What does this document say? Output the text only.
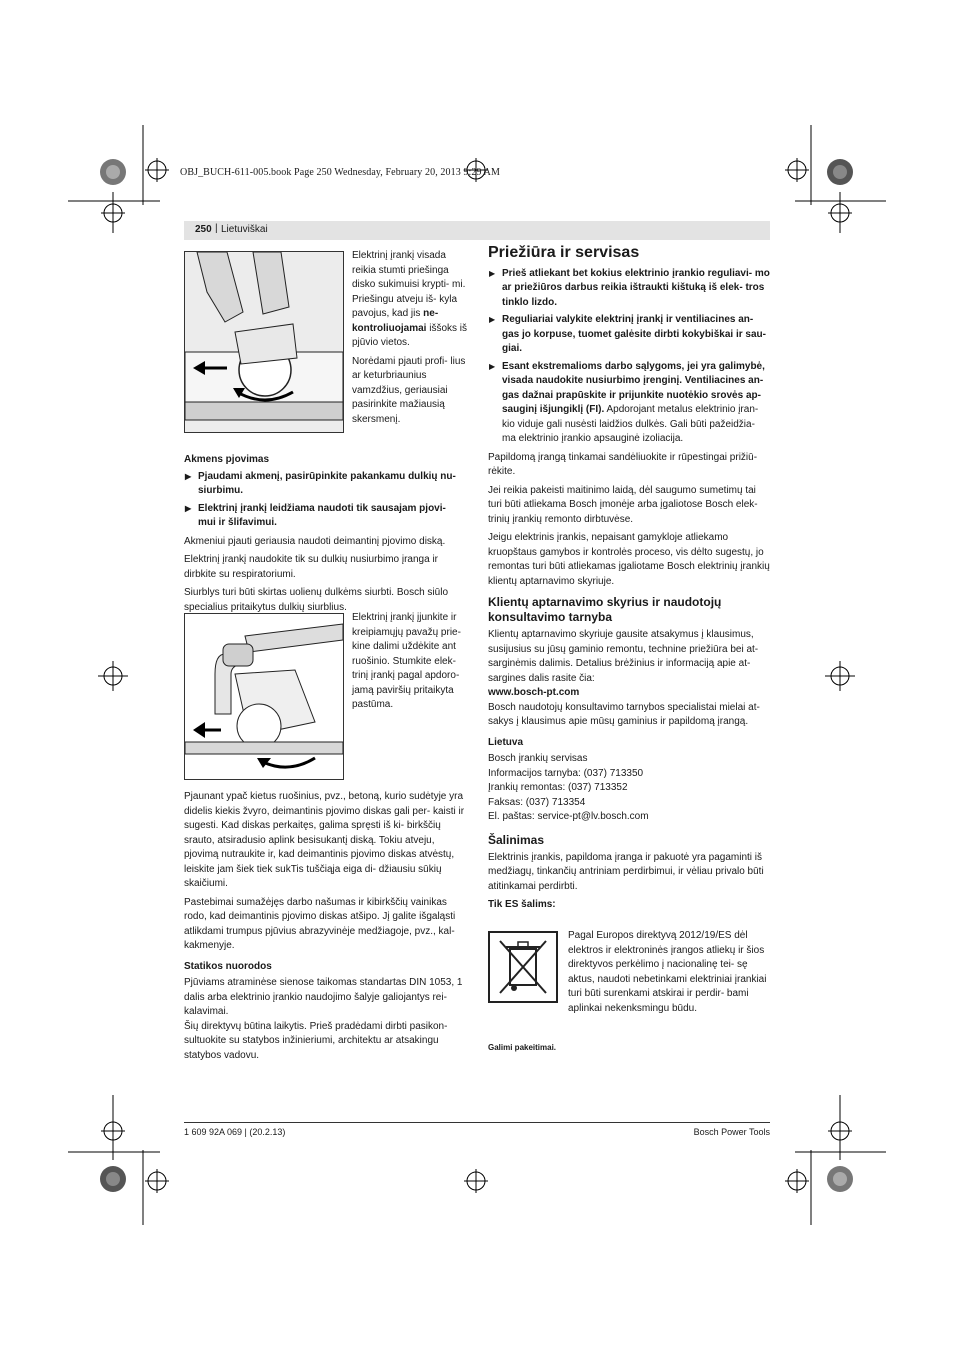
OBJ_BUCH-611-005.book Page 250 Wednesday, February 20, 2013 9:29 AM
250 | Lietuviškai

Elektrinį įrankį visada reikia stumti priešinga disko sukimuisi krypti- mi. Priešingu atveju iš- kyla pavojus, kad jis ne- kontroliuojamai iššoks iš pjūvio vietos.

Norėdami pjauti profi- lius ar keturbriaunius vamzdžius, geriausiai pasirinkite mažiausią skersmenį.

Akmens pjovimas
▶ Pjaudami akmenį, pasirūpinkite pakankamu dulkių nu- siurbimu.
▶ Elektrinį įrankį leidžiama naudoti tik sausajam pjovi- mui ir šlifavimui.

Akmeniui pjauti geriausia naudoti deimantinį pjovimo diską.

Elektrinį įrankį naudokite tik su dulkių nusiurbimo įranga ir dirbkite su respiratoriumi.

Siurblys turi būti skirtas uolienų dulkėms siurbti. Bosch siūlo specialius pritaikytus dulkių siurblius.

Elektrinį įrankį įjunkite ir kreipiamųjų pavažų prie- kine dalimi uždėkite ant ruošinio. Stumkite elek- trinį įrankį pagal apdoro- jamą paviršių pritaikyta pastūma.

Pjaunant ypač kietus ruošinius, pvz., betoną, kurio sudėtyje yra didelis kiekis žvyro, deimantinis pjovimo diskas gali per- kaisti ir sugesti. Kad diskas perkaitęs, galima spręsti iš ki- birkščių srauto, atsiradusio aplink besisukantį diską. Tokiu atveju, pjovimą nutraukite ir, kad deimantinis pjovimo diskas atvėstų, leiskite jam šiek tiek sukTis tuščiąja eiga di- džiausiu sūkių skaičiumi.

Pastebimai sumažėjęs darbo našumas ir kibirkščių vainikas rodo, kad deimantinis pjovimo diskas atšipo. Jį galite išgaląsti atlikdami trumpus pjūvius abrazyvinėje medžiagoje, pvz., kal- kakmenyje.

Statikos nuorodos

Pjūviams atraminėse sienose taikomas standartas DIN 1053, 1 dalis arba elektrinio įrankio naudojimo šalyje galiojantys rei- kalavimai.

Šių direktyvų būtina laikytis. Prieš pradėdami dirbti pasikon- sultuokite su statybos inžinieriumi, architektu ar atsakingu statybos vadovu.

Priežiūra ir servisas
▶ Prieš atliekant bet kokius elektrinio įrankio reguliavi- mo ar priežiūros darbus reikia ištraukti kištuką iš elek- tros tinklo lizdo.
▶ Reguliariai valykite elektrinį įrankį ir ventiliacines an- gas jo korpuse, tuomet galėsite dirbti kokybiškai ir sau- giai.
▶ Esant ekstremalioms darbo sąlygoms, jei yra galimybė, visada naudokite nusiurbimo įrenginį. Ventiliacines an- gas dažnai prapūskite ir prijunkite nuotėkio srovės ap- sauginį išjungiklį (FI). Apdorojant metalus elektrinio įran- kio viduje gali nusėsti laidžios dulkės. Gali būti pažeidžia- ma elektrinio įrankio apsauginė izoliacija.

Papildomą įrangą tinkamai sandėliuokite ir rūpestingai prižiū- rėkite.

Jei reikia pakeisti maitinimo laidą, dėl saugumo sumetimų tai turi būti atliekama Bosch įmonėje arba įgaliotose Bosch elek- trinių įrankių remonto dirbtuvėse.

Jeigu elektrinis įrankis, nepaisant gamykloje atliekamo kruopštaus gamybos ir kontrolės proceso, vis dėlto sugestų, jo remontas turi būti atliekamas įgaliotame Bosch elektrinių įrankių klientų aptarnavimo skyriuje.

Klientų aptarnavimo skyrius ir naudotojų konsultavimo tarnyba

Klientų aptarnavimo skyriuje gausite atsakymus į klausimus, susijusius su jūsų gaminio remontu, technine priežiūra bei at- sarginėmis dalimis. Detalius brėžinius ir informaciją apie at- sargines dalis rasite čia:

www.bosch-pt.com

Bosch naudotojų konsultavimo tarnybos specialistai mielai at- sakys į klausimus apie mūsų gaminius ir papildomą įrangą.

Lietuva
Bosch įrankių servisas
Informacijos tarnyba: (037) 713350
Įrankių remontas: (037) 713352
Faksas: (037) 713354
El. paštas: service-pt@lv.bosch.com
Šalinimas

Elektrinis įrankis, papildoma įranga ir pakuotė yra pagaminti iš medžiagų, tinkančių antriniam perdirbimui, ir vėliau privalo būti atitinkamai perdirbti.

Tik ES šalims:

Pagal Europos direktyvą 2012/19/ES dėl elektros ir elektroninės įrangos atliekų ir šios direktyvos perkėlimo į nacionalinę tei- sę aktus, naudoti nebetinkami elektriniai įrankiai turi būti surenkami atskirai ir perdir- bami aplinkai nekenksmingu būdu.

Galimi pakeitimai.
1 609 92A 069 | (20.2.13)	Bosch Power Tools
